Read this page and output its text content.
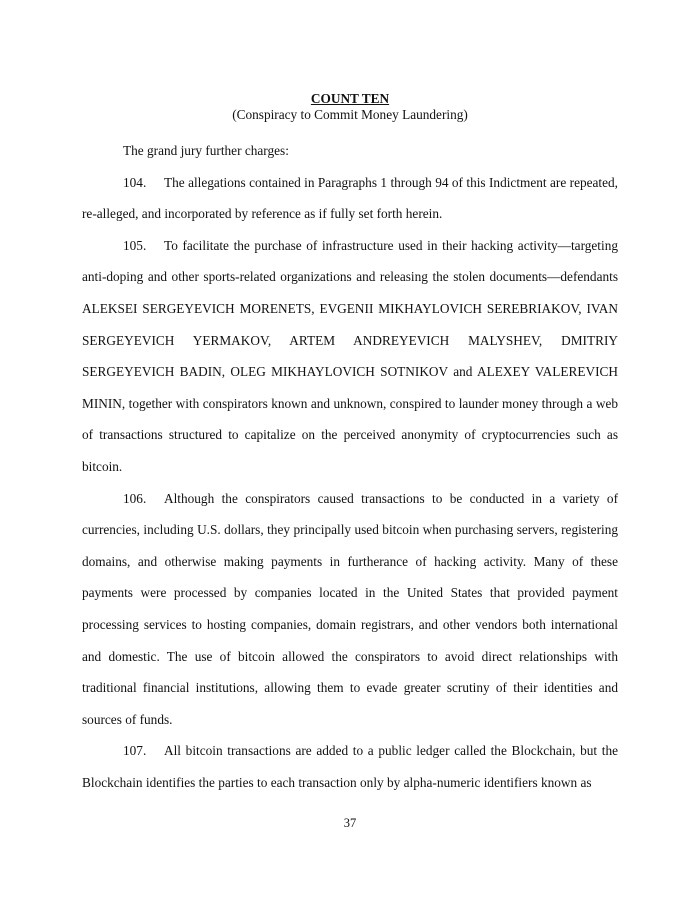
COUNT TEN
(Conspiracy to Commit Money Laundering)

The grand jury further charges:

104. The allegations contained in Paragraphs 1 through 94 of this Indictment are repeated, re-alleged, and incorporated by reference as if fully set forth herein.

105. To facilitate the purchase of infrastructure used in their hacking activity—targeting anti-doping and other sports-related organizations and releasing the stolen documents—defendants ALEKSEI SERGEYEVICH MORENETS, EVGENII MIKHAYLOVICH SEREBRIAKOV, IVAN SERGEYEVICH YERMAKOV, ARTEM ANDREYEVICH MALYSHEV, DMITRIY SERGEYEVICH BADIN, OLEG MIKHAYLOVICH SOTNIKOV and ALEXEY VALEREVICH MININ, together with conspirators known and unknown, conspired to launder money through a web of transactions structured to capitalize on the perceived anonymity of cryptocurrencies such as bitcoin.

106. Although the conspirators caused transactions to be conducted in a variety of currencies, including U.S. dollars, they principally used bitcoin when purchasing servers, registering domains, and otherwise making payments in furtherance of hacking activity. Many of these payments were processed by companies located in the United States that provided payment processing services to hosting companies, domain registrars, and other vendors both international and domestic. The use of bitcoin allowed the conspirators to avoid direct relationships with traditional financial institutions, allowing them to evade greater scrutiny of their identities and sources of funds.

107. All bitcoin transactions are added to a public ledger called the Blockchain, but the Blockchain identifies the parties to each transaction only by alpha-numeric identifiers known as

37
